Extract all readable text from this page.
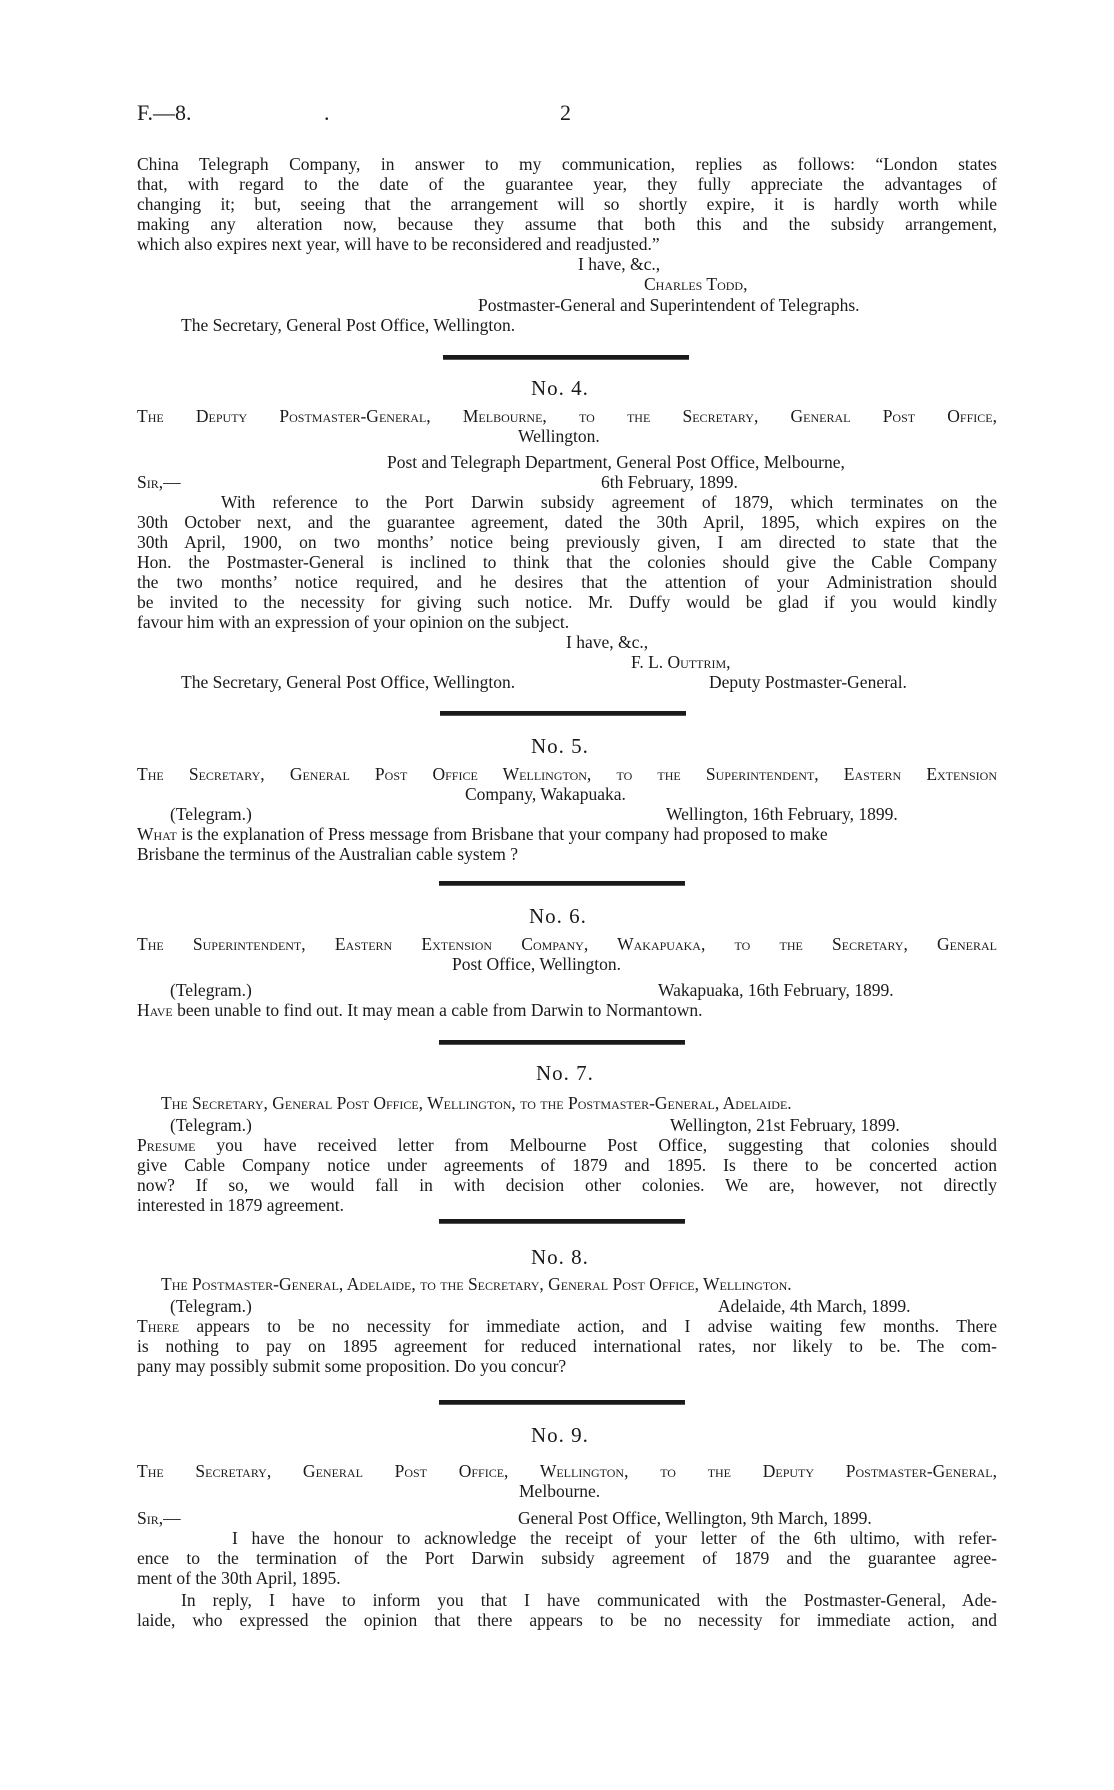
F.—8.	.	2
China Telegraph Company, in answer to my communication, replies as follows: “London states
that, with regard to the date of the guarantee year, they fully appreciate the advantages of
changing it; but, seeing that the arrangement will so shortly expire, it is hardly worth while
making any alteration now, because they assume that both this and the subsidy arrangement,
which also expires next year, will have to be reconsidered and readjusted.”
I have, &c.,
Charles Todd,
Postmaster-General and Superintendent of Telegraphs.
The Secretary, General Post Office, Wellington.
No. 4.
The Deputy Postmaster-General, Melbourne, to the Secretary, General Post Office,
Wellington.
Post and Telegraph Department, General Post Office, Melbourne,
Sir,—	6th February, 1899.
With reference to the Port Darwin subsidy agreement of 1879, which terminates on the
30th October next, and the guarantee agreement, dated the 30th April, 1895, which expires on the
30th April, 1900, on two months’ notice being previously given, I am directed to state that the
Hon. the Postmaster-General is inclined to think that the colonies should give the Cable Company
the two months’ notice required, and he desires that the attention of your Administration should
be invited to the necessity for giving such notice. Mr. Duffy would be glad if you would kindly
favour him with an expression of your opinion on the subject.
I have, &c.,
F. L. Outtrim,
The Secretary, General Post Office, Wellington.	Deputy Postmaster-General.
No. 5.
The Secretary, General Post Office Wellington, to the Superintendent, Eastern Extension
Company, Wakapuaka.
(Telegram.)	Wellington, 16th February, 1899.
What is the explanation of Press message from Brisbane that your company had proposed to make
Brisbane the terminus of the Australian cable system ?
No. 6.
The Superintendent, Eastern Extension Company, Wakapuaka, to the Secretary, General
Post Office, Wellington.
(Telegram.)	Wakapuaka, 16th February, 1899.
Have been unable to find out. It may mean a cable from Darwin to Normantown.
No. 7.
The Secretary, General Post Office, Wellington, to the Postmaster-General, Adelaide.
(Telegram.)	Wellington, 21st February, 1899.
Presume you have received letter from Melbourne Post Office, suggesting that colonies should
give Cable Company notice under agreements of 1879 and 1895. Is there to be concerted action
now? If so, we would fall in with decision other colonies. We are, however, not directly
interested in 1879 agreement.
No. 8.
The Postmaster-General, Adelaide, to the Secretary, General Post Office, Wellington.
(Telegram.)	Adelaide, 4th March, 1899.
There appears to be no necessity for immediate action, and I advise waiting few months. There
is nothing to pay on 1895 agreement for reduced international rates, nor likely to be. The com-
pany may possibly submit some proposition. Do you concur?
No. 9.
The Secretary, General Post Office, Wellington, to the Deputy Postmaster-General,
Melbourne.
Sir,—	General Post Office, Wellington, 9th March, 1899.
I have the honour to acknowledge the receipt of your letter of the 6th ultimo, with refer-
ence to the termination of the Port Darwin subsidy agreement of 1879 and the guarantee agree-
ment of the 30th April, 1895.
In reply, I have to inform you that I have communicated with the Postmaster-General, Ade-
laide, who expressed the opinion that there appears to be no necessity for immediate action, and
